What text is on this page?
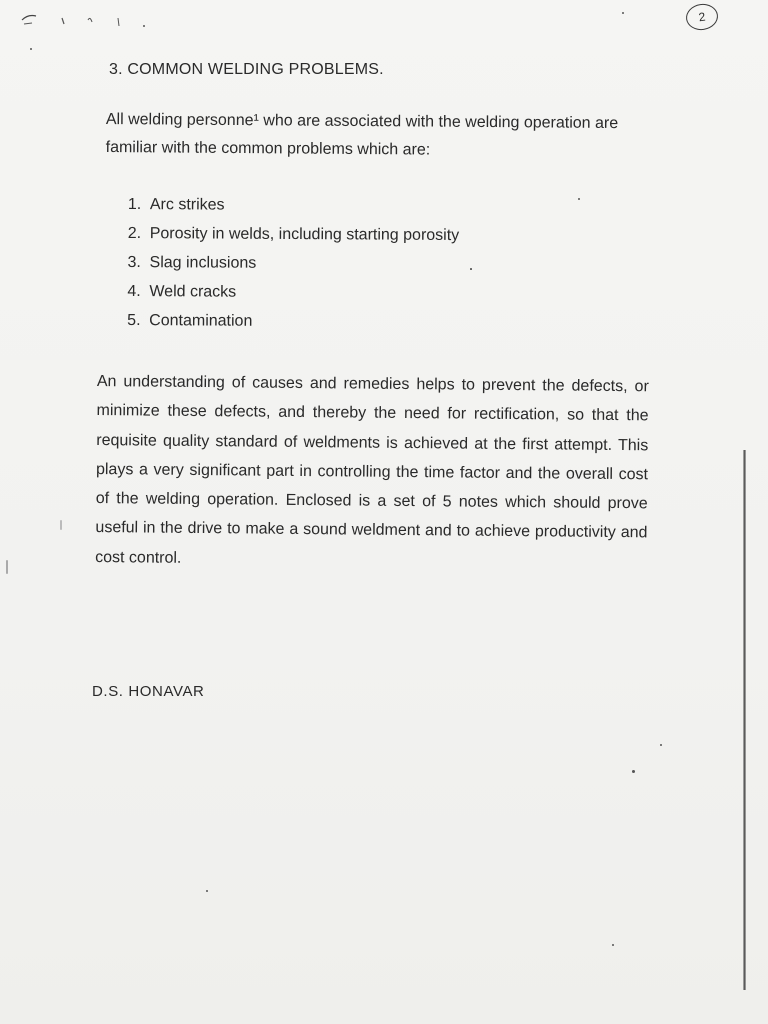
2
3. COMMON WELDING PROBLEMS.

All welding personne¹ who are associated with the welding operation are familiar with the common problems which are:

1. Arc strikes
2. Porosity in welds, including starting porosity
3. Slag inclusions
4. Weld cracks
5. Contamination

An understanding of causes and remedies helps to prevent the defects, or minimize these defects, and thereby the need for rectification, so that the requisite quality standard of weldments is achieved at the first attempt. This plays a very significant part in controlling the time factor and the overall cost of the welding operation. Enclosed is a set of 5 notes which should prove useful in the drive to make a sound weldment and to achieve productivity and cost control.

D.S. HONAVAR
